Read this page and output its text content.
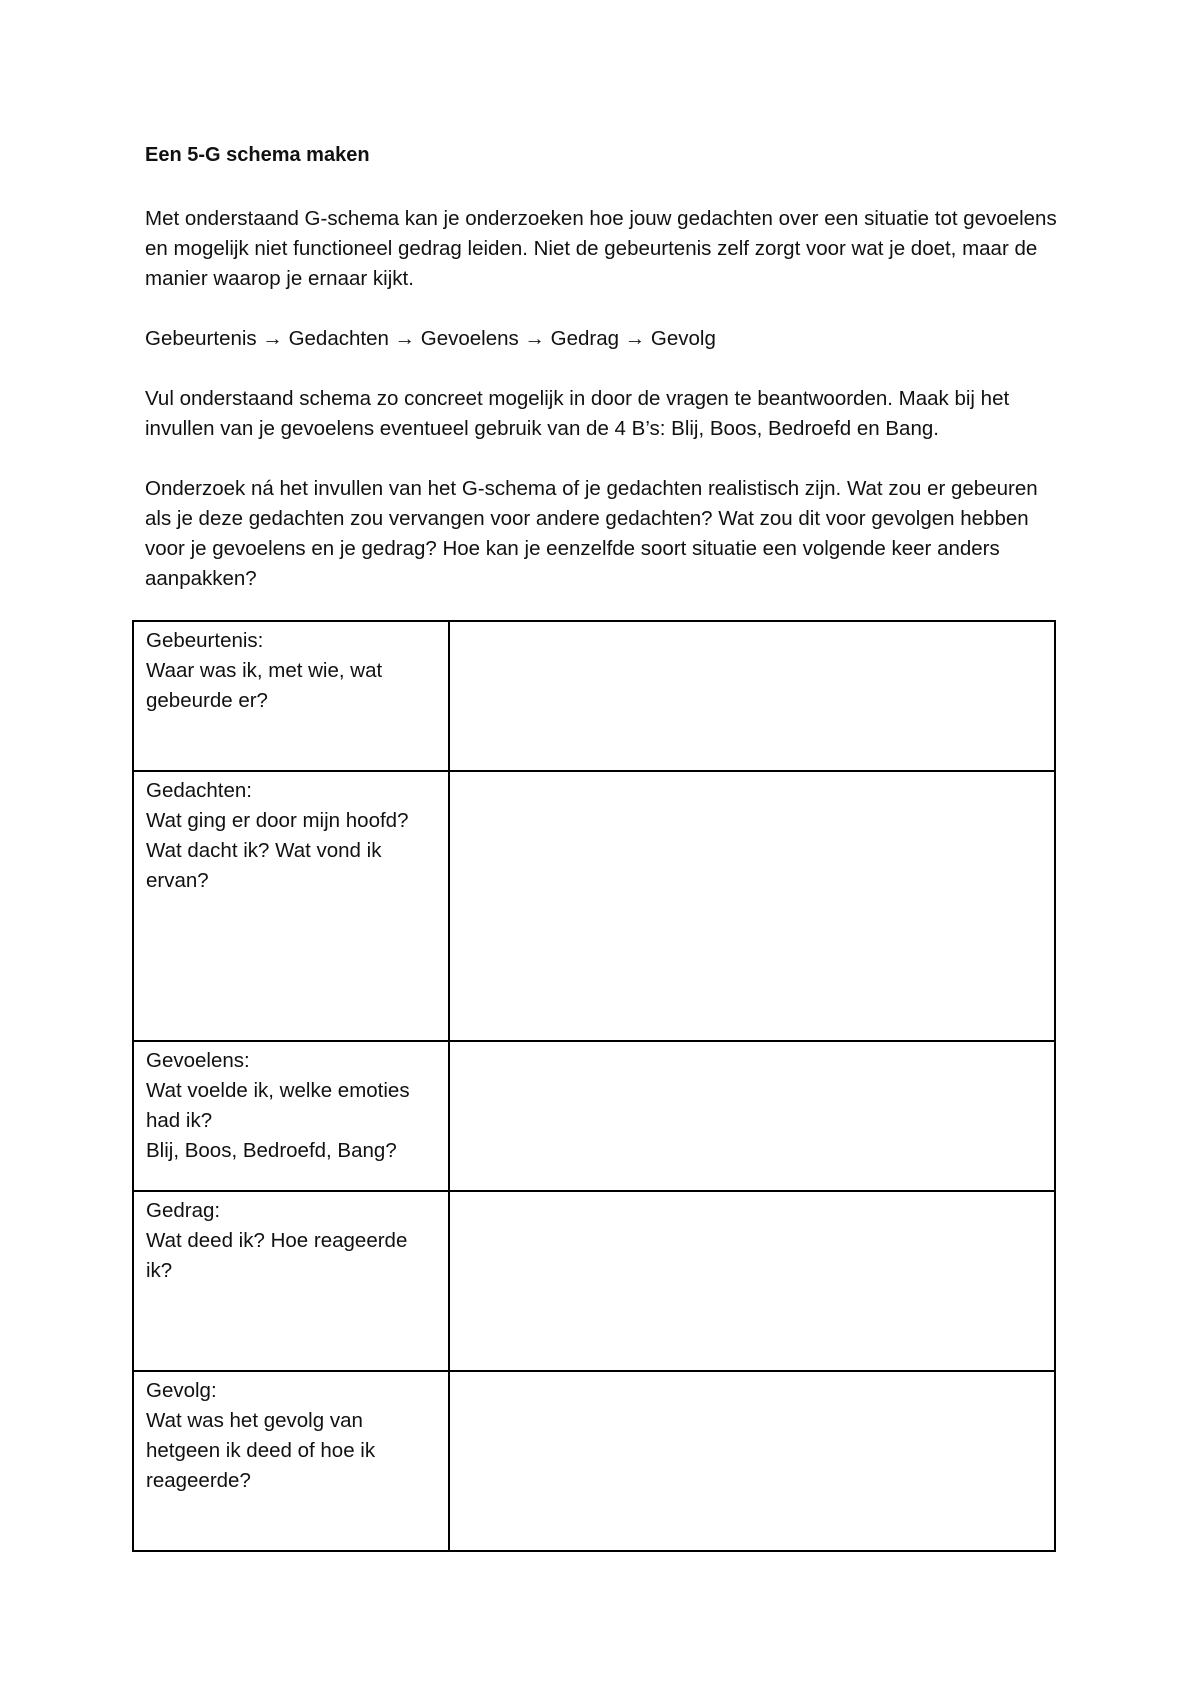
Een 5-G schema maken

Met onderstaand G-schema kan je onderzoeken hoe jouw gedachten over een situatie tot gevoelens en mogelijk niet functioneel gedrag leiden. Niet de gebeurtenis zelf zorgt voor wat je doet, maar de manier waarop je ernaar kijkt.

Gebeurtenis → Gedachten → Gevoelens → Gedrag → Gevolg

Vul onderstaand schema zo concreet mogelijk in door de vragen te beantwoorden. Maak bij het invullen van je gevoelens eventueel gebruik van de 4 B’s: Blij, Boos, Bedroefd en Bang.

Onderzoek ná het invullen van het G-schema of je gedachten realistisch zijn. Wat zou er gebeuren als je deze gedachten zou vervangen voor andere gedachten? Wat zou dit voor gevolgen hebben voor je gevoelens en je gedrag? Hoe kan je eenzelfde soort situatie een volgende keer anders aanpakken?

Gebeurtenis:
Waar was ik, met wie, wat gebeurde er?	

Gedachten:
Wat ging er door mijn hoofd? Wat dacht ik? Wat vond ik ervan?	

Gevoelens:
Wat voelde ik, welke emoties had ik?
Blij, Boos, Bedroefd, Bang?	

Gedrag:
Wat deed ik? Hoe reageerde ik?	

Gevolg:
Wat was het gevolg van hetgeen ik deed of hoe ik reageerde?	
